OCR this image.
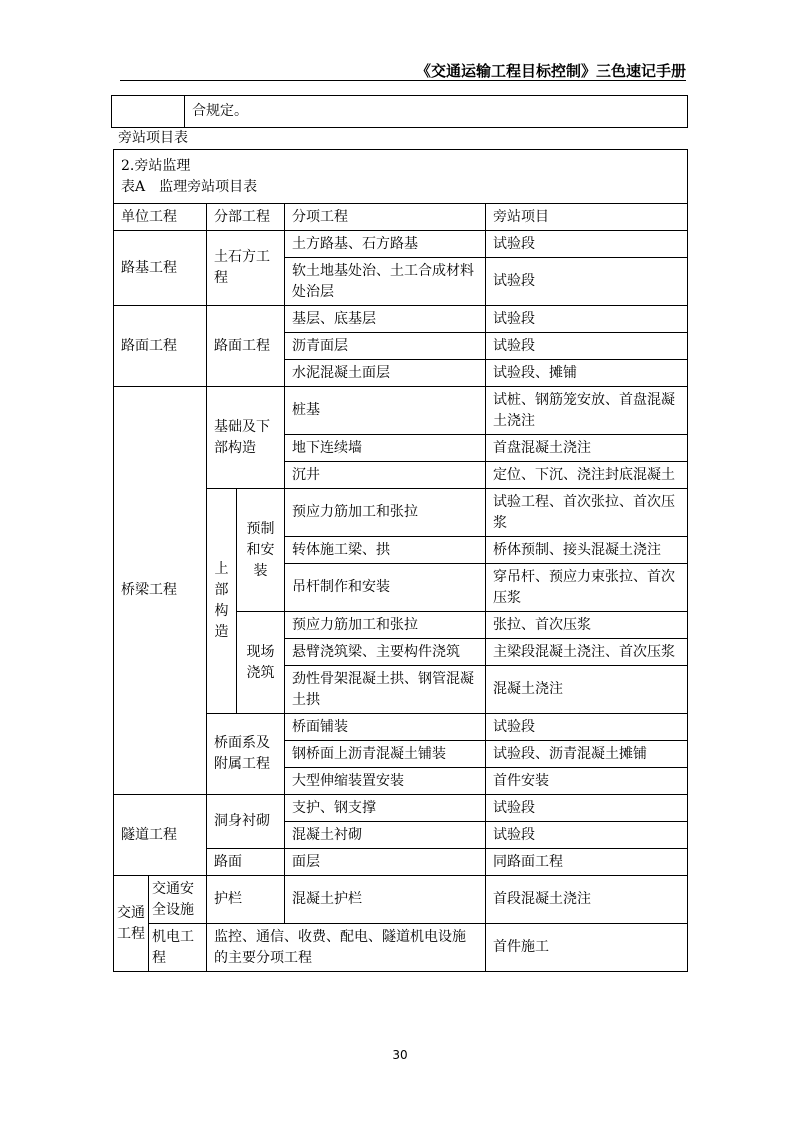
《交通运输工程目标控制》三色速记手册
	合规定。
旁站项目表
2.旁站监理
表A　监理旁站项目表					

单位工程		分部工程		分项工程	旁站项目
路基工程		土石方工程		土方路基、石方路基	试验段
				软土地基处治、土工合成材料处治层	试验段
路面工程		路面工程		基层、底基层	试验段
				沥青面层	试验段
				水泥混凝土面层	试验段、摊铺
桥梁工程		基础及下部构造		桩基	试桩、钢筋笼安放、首盘混凝土浇注
				地下连续墙	首盘混凝土浇注
				沉井	定位、下沉、浇注封底混凝土
		上部构造	预制和安装	预应力筋加工和张拉	试验工程、首次张拉、首次压浆
				转体施工梁、拱	桥体预制、接头混凝土浇注
				吊杆制作和安装	穿吊杆、预应力束张拉、首次压浆
			现场浇筑	预应力筋加工和张拉	张拉、首次压浆
				悬臂浇筑梁、主要构件浇筑	主梁段混凝土浇注、首次压浆
				劲性骨架混凝土拱、钢管混凝土拱	混凝土浇注
		桥面系及附属工程		桥面铺装	试验段
				钢桥面上沥青混凝土铺装	试验段、沥青混凝土摊铺
				大型伸缩装置安装	首件安装
隧道工程		洞身衬砌		支护、钢支撑	试验段
				混凝土衬砌	试验段
		路面		面层	同路面工程
交通工程	交通安全设施	护栏		混凝土护栏	首段混凝土浇注
	机电工程	监控、通信、收费、配电、隧道机电设施的主要分项工程			首件施工
30
